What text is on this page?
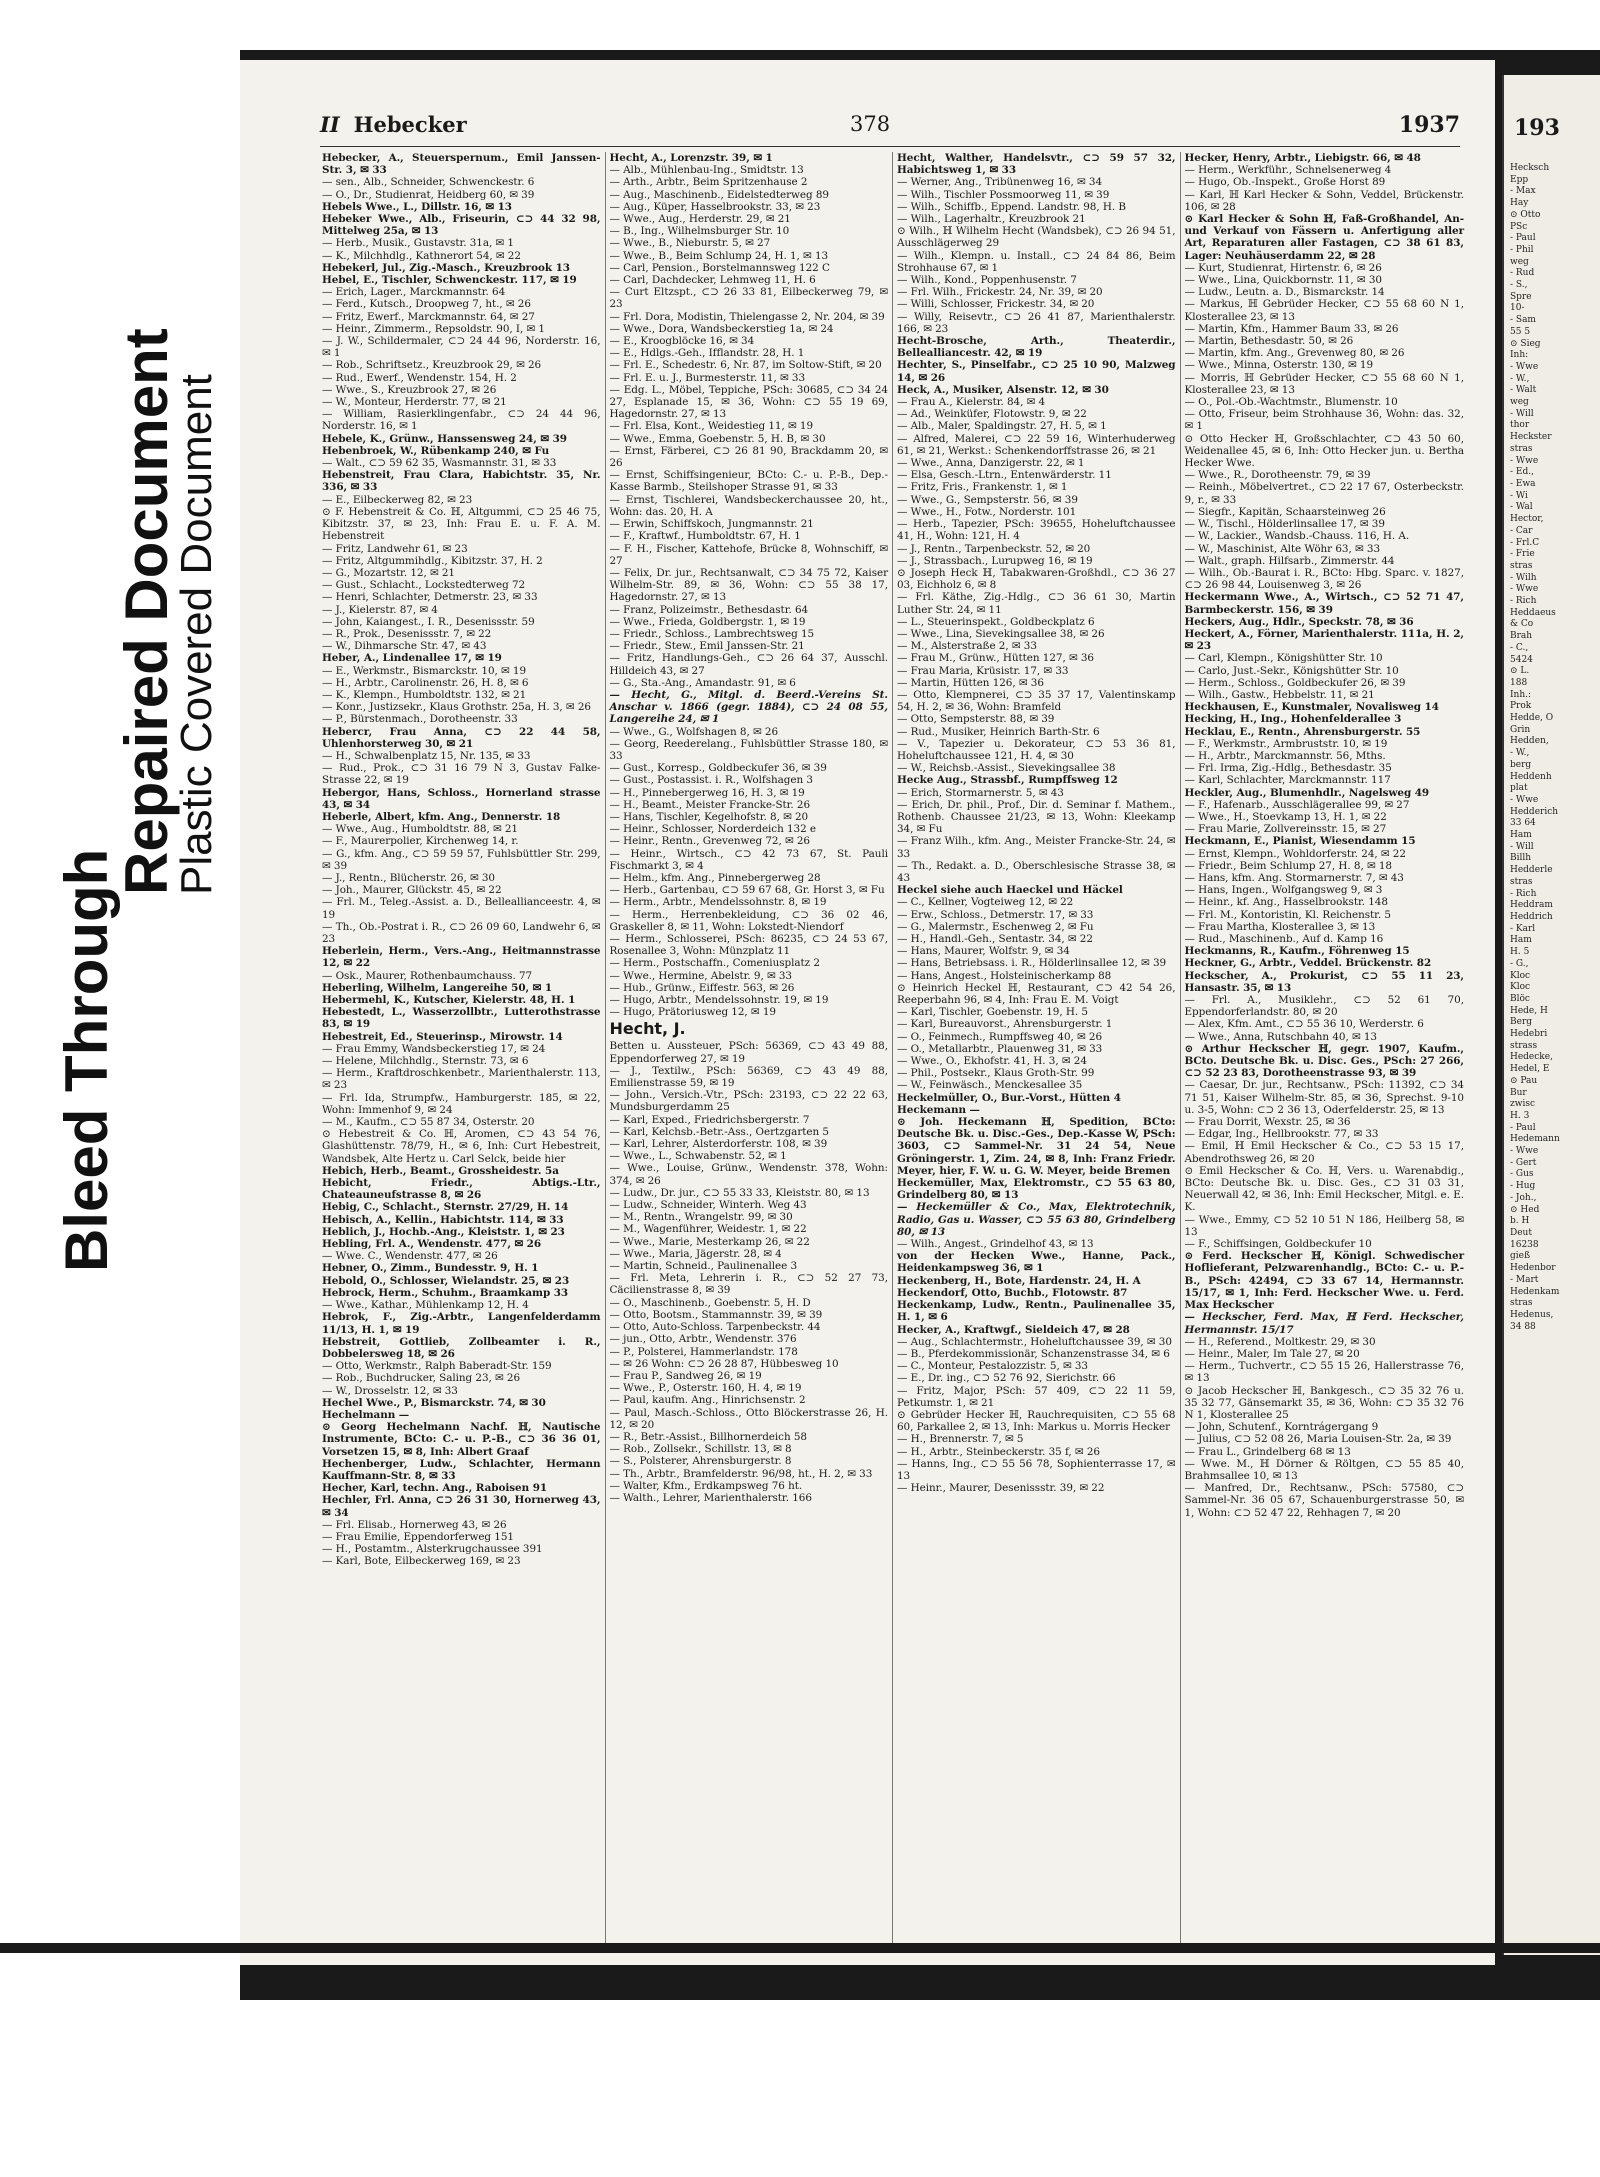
Bleed Through
Repaired Document
Plastic Covered Document
II Hebecker	378	1937
Hebecker, A., Steuerspernum., Emil Janssen-Str. 3, ✉ 33
— sen., Alb., Schneider, Schwenckestr. 6
— O., Dr., Studienrat, Heidberg 60, ✉ 39
Hebels Wwe., L., Dillstr. 16, ✉ 13
Hebeker Wwe., Alb., Friseurin, ⊂⊃ 44 32 98, Mittelweg 25a, ✉ 13
— Herb., Musik., Gustavstr. 31a, ✉ 1
— K., Milchhdlg., Kathnerort 54, ✉ 22
Hebekerl, Jul., Zig.-Masch., Kreuzbrook 13
Hebel, E., Tischler, Schwenckestr. 117, ✉ 19
— Erich, Lager., Marckmannstr. 64
— Ferd., Kutsch., Droopweg 7, ht., ✉ 26
— Fritz, Ewerf., Marckmannstr. 64, ✉ 27
— Heinr., Zimmerm., Repsoldstr. 90, I, ✉ 1
— J. W., Schildermaler, ⊂⊃ 24 44 96, Norderstr. 16, ✉ 1
— Rob., Schriftsetz., Kreuzbrook 29, ✉ 26
— Rud., Ewerf., Wendenstr. 154, H. 2
— Wwe., S., Kreuzbrook 27, ✉ 26
— W., Monteur, Herderstr. 77, ✉ 21
— William, Rasierklingenfabr., ⊂⊃ 24 44 96, Norderstr. 16, ✉ 1
Hebele, K., Grünw., Hanssensweg 24, ✉ 39
Hebenbroek, W., Rübenkamp 240, ✉ Fu
— Walt., ⊂⊃ 59 62 35, Wasmannstr. 31, ✉ 33
Hebenstreit, Frau Clara, Habichtstr. 35, Nr. 336, ✉ 33
— E., Eilbeckerweg 82, ✉ 23
⊙ F. Hebenstreit & Co. ℍ, Altgummi, ⊂⊃ 25 46 75, Kibitzstr. 37, ✉ 23, Inh: Frau E. u. F. A. M. Hebenstreit
— Fritz, Landwehr 61, ✉ 23
— Fritz, Altgummihdlg., Kibitzstr. 37, H. 2
— G., Mozartstr. 12, ✉ 21
— Gust., Schlacht., Lockstedterweg 72
— Henri, Schlachter, Detmerstr. 23, ✉ 33
— J., Kielerstr. 87, ✉ 4
— John, Kaiangest., I. R., Desenissstr. 59
— R., Prok., Desenissstr. 7, ✉ 22
— W., Dihmarsche Str. 47, ✉ 43
Heber, A., Lindenallee 17, ✉ 19
— E., Werkmstr., Bismarckstr. 10, ✉ 19
— H., Arbtr., Carolinenstr. 26, H. 8, ✉ 6
— K., Klempn., Humboldtstr. 132, ✉ 21
— Konr., Justizsekr., Klaus Grothstr. 25a, H. 3, ✉ 26
— P., Bürstenmach., Dorotheenstr. 33
Hebercr, Frau Anna, ⊂⊃ 22 44 58, Uhlenhorsterweg 30, ✉ 21
— H., Schwalbenplatz 15, Nr. 135, ✉ 33
— Rud., Prok., ⊂⊃ 31 16 79 N 3, Gustav Falke-Strasse 22, ✉ 19
Hebergor, Hans, Schloss., Hornerland strasse 43, ✉ 34
Heberle, Albert, kfm. Ang., Dennerstr. 18
— Wwe., Aug., Humboldtstr. 88, ✉ 21
— F., Maurerpolier, Kirchenweg 14, r.
— G., kfm. Ang., ⊂⊃ 59 59 57, Fuhlsbüttler Str. 299, ✉ 39
— J., Rentn., Blücherstr. 26, ✉ 30
— Joh., Maurer, Glückstr. 45, ✉ 22
— Frl. M., Teleg.-Assist. a. D., Belleallianceestr. 4, ✉ 19
— Th., Ob.-Postrat i. R., ⊂⊃ 26 09 60, Landwehr 6, ✉ 23
Heberlein, Herm., Vers.-Ang., Heitmannstrasse 12, ✉ 22
— Osk., Maurer, Rothenbaumchauss. 77
Heberling, Wilhelm, Langereihe 50, ✉ 1
Hebermehl, K., Kutscher, Kielerstr. 48, H. 1
Hebestedt, L., Wasserzollbtr., Lutterothstrasse 83, ✉ 19
Hebestreit, Ed., Steuerinsp., Mirowstr. 14
— Frau Emmy, Wandsbeckerstieg 17, ✉ 24
— Helene, Milchhdlg., Sternstr. 73, ✉ 6
— Herm., Kraftdroschkenbetr., Marienthalerstr. 113, ✉ 23
— Frl. Ida, Strumpfw., Hamburgerstr. 185, ✉ 22, Wohn: Immenhof 9, ✉ 24
— M., Kaufm., ⊂⊃ 55 87 34, Osterstr. 20
⊙ Hebestreit & Co. ℍ, Aromen, ⊂⊃ 43 54 76, Glashüttenstr. 78/79, H., ✉ 6, Inh: Curt Hebestreit, Wandsbek, Alte Hertz u. Carl Selck, beide hier
Hebich, Herb., Beamt., Grossheidestr. 5a
Hebicht, Friedr., Abtigs.-Ltr., Chateauneufstrasse 8, ✉ 26
Hebig, C., Schlacht., Sternstr. 27/29, H. 14
Hebisch, A., Kellin., Habichtstr. 114, ✉ 33
Heblich, J., Hochb.-Ang., Kleiststr. 1, ✉ 23
Hebling, Frl. A., Wendenstr. 477, ✉ 26
— Wwe. C., Wendenstr. 477, ✉ 26
Hebner, O., Zimm., Bundesstr. 9, H. 1
Hebold, O., Schlosser, Wielandstr. 25, ✉ 23
Hebrock, Herm., Schuhm., Braamkamp 33
— Wwe., Kathar., Mühlenkamp 12, H. 4
Hebrok, F., Zig.-Arbtr., Langenfelderdamm 11/13, H. 1, ✉ 19
Hebstreit, Gottlieb, Zollbeamter i. R., Dobbelersweg 18, ✉ 26
— Otto, Werkmstr., Ralph Baberadt-Str. 159
— Rob., Buchdrucker, Saling 23, ✉ 26
— W., Drosselstr. 12, ✉ 33
Hechel Wwe., P., Bismarckstr. 74, ✉ 30
Hechelmann —
⊙ Georg Hechelmann Nachf. ℍ, Nautische Instrumente, BCto: C.- u. P.-B., ⊂⊃ 36 36 01, Vorsetzen 15, ✉ 8, Inh: Albert Graaf
Hechenberger, Ludw., Schlachter, Hermann Kauffmann-Str. 8, ✉ 33
Hecher, Karl, techn. Ang., Raboisen 91
Hechler, Frl. Anna, ⊂⊃ 26 31 30, Hornerweg 43, ✉ 34
— Frl. Elisab., Hornerweg 43, ✉ 26
— Frau Emilie, Eppendorferweg 151
— H., Postamtm., Alsterkrugchaussee 391
— Karl, Bote, Eilbeckerweg 169, ✉ 23
Hecht, A., Lorenzstr. 39, ✉ 1
— Alb., Mühlenbau-Ing., Smidtstr. 13
— Arth., Arbtr., Beim Spritzenhause 2
— Aug., Maschinenb., Eidelstedterweg 89
— Aug., Küper, Hasselbrookstr. 33, ✉ 23
— Wwe., Aug., Herderstr. 29, ✉ 21
— B., Ing., Wilhelmsburger Str. 10
— Wwe., B., Nieburstr. 5, ✉ 27
— Wwe., B., Beim Schlump 24, H. 1, ✉ 13
— Carl, Pension., Borstelmannsweg 122 C
— Carl, Dachdecker, Lehmweg 11, H. 6
— Curt Eltzspt., ⊂⊃ 26 33 81, Eilbeckerweg 79, ✉ 23
— Frl. Dora, Modistin, Thielengasse 2, Nr. 204, ✉ 39
— Wwe., Dora, Wandsbeckerstieg 1a, ✉ 24
— E., Kroogblöcke 16, ✉ 34
— E., Hdlgs.-Geh., Ifflandstr. 28, H. 1
— Frl. E., Schedestr. 6, Nr. 87, im Soltow-Stift, ✉ 20
— Frl. E. u. J., Burmesterstr. 11, ✉ 33
— Edg. L., Möbel, Teppiche, PSch: 30685, ⊂⊃ 34 24 27, Esplanade 15, ✉ 36, Wohn: ⊂⊃ 55 19 69, Hagedornstr. 27, ✉ 13
— Frl. Elsa, Kont., Weidestieg 11, ✉ 19
— Wwe., Emma, Goebenstr. 5, H. B, ✉ 30
— Ernst, Färberei, ⊂⊃ 26 81 90, Brackdamm 20, ✉ 26
— Ernst, Schiffsingenieur, BCto: C.- u. P.-B., Dep.-Kasse Barmb., Steilshoper Strasse 91, ✉ 33
— Ernst, Tischlerei, Wandsbeckerchaussee 20, ht., Wohn: das. 20, H. A
— Erwin, Schiffskoch, Jungmannstr. 21
— F., Kraftwf., Humboldtstr. 67, H. 1
— F. H., Fischer, Kattehofe, Brücke 8, Wohnschiff, ✉ 27
— Felix, Dr. jur., Rechtsanwalt, ⊂⊃ 34 75 72, Kaiser Wilhelm-Str. 89, ✉ 36, Wohn: ⊂⊃ 55 38 17, Hagedornstr. 27, ✉ 13
— Franz, Polizeimstr., Bethesdastr. 64
— Wwe., Frieda, Goldbergstr. 1, ✉ 19
— Friedr., Schloss., Lambrechtsweg 15
— Friedr., Stew., Emil Janssen-Str. 21
— Fritz, Handlungs-Geh., ⊂⊃ 26 64 37, Ausschl. Hilldeich 43, ✉ 27
— G., Sta.-Ang., Amandastr. 91, ✉ 6
— Hecht, G., Mitgl. d. Beerd.-Vereins St. Anschar v. 1866 (gegr. 1884), ⊂⊃ 24 08 55, Langereihe 24, ✉ 1
— Wwe., G., Wolfshagen 8, ✉ 26
— Georg, Reederelang., Fuhlsbüttler Strasse 180, ✉ 33
— Gust., Korresp., Goldbeckufer 36, ✉ 39
— Gust., Postassist. i. R., Wolfshagen 3
— H., Pinnebergerweg 16, H. 3, ✉ 19
— H., Beamt., Meister Francke-Str. 26
— Hans, Tischler, Kegelhofstr. 8, ✉ 20
— Heinr., Schlosser, Norderdeich 132 e
— Heinr., Rentn., Grevenweg 72, ✉ 26
— Heinr., Wirtsch., ⊂⊃ 42 73 67, St. Pauli Fischmarkt 3, ✉ 4
— Helm., kfm. Ang., Pinnebergerweg 28
— Herb., Gartenbau, ⊂⊃ 59 67 68, Gr. Horst 3, ✉ Fu
— Herm., Arbtr., Mendelssohnstr. 8, ✉ 19
— Herm., Herrenbekleidung, ⊂⊃ 36 02 46, Graskeller 8, ✉ 11, Wohn: Lokstedt-Niendorf
— Herm., Schlosserei, PSch: 86235, ⊂⊃ 24 53 67, Rosenallee 3, Wohn: Münzplatz 11
— Herm., Postschaffn., Comeniusplatz 2
— Wwe., Hermine, Abelstr. 9, ✉ 33
— Hub., Grünw., Eiffestr. 563, ✉ 26
— Hugo, Arbtr., Mendelssohnstr. 19, ✉ 19
— Hugo, Prätoriusweg 12, ✉ 19
Hecht, J.
Betten u. Aussteuer, PSch: 56369, ⊂⊃ 43 49 88, Eppendorferweg 27, ✉ 19
— J., Textilw., PSch: 56369, ⊂⊃ 43 49 88, Emilienstrasse 59, ✉ 19
— John., Versich.-Vtr., PSch: 23193, ⊂⊃ 22 22 63, Mundsburgerdamm 25
— Karl, Exped., Friedrichsbergerstr. 7
— Karl, Kelchsb.-Betr.-Ass., Oertzgarten 5
— Karl, Lehrer, Alsterdorferstr. 108, ✉ 39
— Wwe., L., Schwabenstr. 52, ✉ 1
— Wwe., Louise, Grünw., Wendenstr. 378, Wohn: 374, ✉ 26
— Ludw., Dr. jur., ⊂⊃ 55 33 33, Kleiststr. 80, ✉ 13
— Ludw., Schneider, Winterh. Weg 43
— M., Rentn., Wrangelstr. 99, ✉ 30
— M., Wagenführer, Weidestr. 1, ✉ 22
— Wwe., Marie, Mesterkamp 26, ✉ 22
— Wwe., Maria, Jägerstr. 28, ✉ 4
— Martin, Schneid., Paulinenallee 3
— Frl. Meta, Lehrerin i. R., ⊂⊃ 52 27 73, Cäcilienstrasse 8, ✉ 39
— O., Maschinenb., Goebenstr. 5, H. D
— Otto, Bootsm., Stammannstr. 39, ✉ 39
— Otto, Auto-Schloss. Tarpenbeckstr. 44
— jun., Otto, Arbtr., Wendenstr. 376
— P., Polsterei, Hammerlandstr. 178
— ✉ 26 Wohn: ⊂⊃ 26 28 87, Hübbesweg 10
— Frau P., Sandweg 26, ✉ 19
— Wwe., P., Osterstr. 160, H. 4, ✉ 19
— Paul, kaufm. Ang., Hinrichsenstr. 2
— Paul, Masch.-Schloss., Otto Blöckerstrasse 26, H. 12, ✉ 20
— R., Betr.-Assist., Billhornerdeich 58
— Rob., Zollsekr., Schillstr. 13, ✉ 8
— S., Polsterer, Ahrensburgerstr. 8
— Th., Arbtr., Bramfelderstr. 96/98, ht., H. 2, ✉ 33
— Walter, Kfm., Erdkampsweg 76 ht.
— Walth., Lehrer, Marienthalerstr. 166
Hecht, Walther, Handelsvtr., ⊂⊃ 59 57 32, Habichtsweg 1, ✉ 33
— Werner, Ang., Tribünenweg 16, ✉ 34
— Wilh., Tischler Possmoorweg 11, ✉ 39
— Wilh., Schiffb., Eppend. Landstr. 98, H. B
— Wilh., Lagerhaltr., Kreuzbrook 21
⊙ Wilh., ℍ Wilhelm Hecht (Wandsbek), ⊂⊃ 26 94 51, Ausschlägerweg 29
— Wilh., Klempn. u. Install., ⊂⊃ 24 84 86, Beim Strohhause 67, ✉ 1
— Wilh., Kond., Poppenhusenstr. 7
— Frl. Wilh., Frickestr. 24, Nr. 39, ✉ 20
— Willi, Schlosser, Frickestr. 34, ✉ 20
— Willy, Reisevtr., ⊂⊃ 26 41 87, Marienthalerstr. 166, ✉ 23
Hecht-Brosche, Arth., Theaterdir., Bellealliancestr. 42, ✉ 19
Hechter, S., Pinselfabr., ⊂⊃ 25 10 90, Malzweg 14, ✉ 26
Heck, A., Musiker, Alsenstr. 12, ✉ 30
— Frau A., Kielerstr. 84, ✉ 4
— Ad., Weinküfer, Flotowstr. 9, ✉ 22
— Alb., Maler, Spaldingstr. 27, H. 5, ✉ 1
— Alfred, Malerei, ⊂⊃ 22 59 16, Winterhuderweg 61, ✉ 21, Werkst.: Schenkendorffstrasse 26, ✉ 21
— Wwe., Anna, Danzigerstr. 22, ✉ 1
— Elsa, Gesch.-Ltrn., Entenwärderstr. 11
— Fritz, Fris., Frankenstr. 1, ✉ 1
— Wwe., G., Sempsterstr. 56, ✉ 39
— Wwe., H., Fotw., Norderstr. 101
— Herb., Tapezier, PSch: 39655, Hoheluftchaussee 41, H., Wohn: 121, H. 4
— J., Rentn., Tarpenbeckstr. 52, ✉ 20
— J., Strassbach., Lurupweg 16, ✉ 19
⊙ Joseph Heck ℍ, Tabakwaren-Großhdl., ⊂⊃ 36 27 03, Eichholz 6, ✉ 8
— Frl. Käthe, Zig.-Hdlg., ⊂⊃ 36 61 30, Martin Luther Str. 24, ✉ 11
— L., Steuerinspekt., Goldbeckplatz 6
— Wwe., Lina, Sievekingsallee 38, ✉ 26
— M., Alsterstraße 2, ✉ 33
— Frau M., Grünw., Hütten 127, ✉ 36
— Frau Maria, Krüsistr. 17, ✉ 33
— Martin, Hütten 126, ✉ 36
— Otto, Klempnerei, ⊂⊃ 35 37 17, Valentinskamp 54, H. 2, ✉ 36, Wohn: Bramfeld
— Otto, Sempsterstr. 88, ✉ 39
— Rud., Musiker, Heinrich Barth-Str. 6
— V., Tapezier u. Dekorateur, ⊂⊃ 53 36 81, Hoheluftchaussee 121, H. 4, ✉ 30
— W., Reichsb.-Assist., Sievekingsallee 38
Hecke Aug., Strassbf., Rumpffsweg 12
— Erich, Stormarnerstr. 5, ✉ 43
— Erich, Dr. phil., Prof., Dir. d. Seminar f. Mathem., Rothenb. Chaussee 21/23, ✉ 13, Wohn: Kleekamp 34, ✉ Fu
— Franz Wilh., kfm. Ang., Meister Francke-Str. 24, ✉ 33
— Th., Redakt. a. D., Oberschlesische Strasse 38, ✉ 43
Heckel siehe auch Haeckel und Häckel
— C., Kellner, Vogteiweg 12, ✉ 22
— Erw., Schloss., Detmerstr. 17, ✉ 33
— G., Malermstr., Eschenweg 2, ✉ Fu
— H., Handl.-Geh., Sentastr. 34, ✉ 22
— Hans, Maurer, Wolfstr. 9, ✉ 34
— Hans, Betriebsass. i. R., Hölderlinsallee 12, ✉ 39
— Hans, Angest., Holsteinischerkamp 88
⊙ Heinrich Heckel ℍ, Restaurant, ⊂⊃ 42 54 26, Reeperbahn 96, ✉ 4, Inh: Frau E. M. Voigt
— Karl, Tischler, Goebenstr. 19, H. 5
— Karl, Bureauvorst., Ahrensburgerstr. 1
— O., Feinmech., Rumpffsweg 40, ✉ 26
— O., Metallarbtr., Plauenweg 31, ✉ 33
— Wwe., O., Ekhofstr. 41, H. 3, ✉ 24
— Phil., Postsekr., Klaus Groth-Str. 99
— W., Feinwäsch., Menckesallee 35
Heckelmüller, O., Bur.-Vorst., Hütten 4
Heckemann —
⊙ Joh. Heckemann ℍ, Spedition, BCto: Deutsche Bk. u. Disc.-Ges., Dep.-Kasse W, PSch: 3603, ⊂⊃ Sammel-Nr. 31 24 54, Neue Gröningerstr. 1, Zim. 24, ✉ 8, Inh: Franz Friedr. Meyer, hier, F. W. u. G. W. Meyer, beide Bremen
Heckemüller, Max, Elektromstr., ⊂⊃ 55 63 80, Grindelberg 80, ✉ 13
— Heckemüller & Co., Max, Elektrotechnik, Radio, Gas u. Wasser, ⊂⊃ 55 63 80, Grindelberg 80, ✉ 13
— Wilh., Angest., Grindelhof 43, ✉ 13
von der Hecken Wwe., Hanne, Pack., Heidenkampsweg 36, ✉ 1
Heckenberg, H., Bote, Hardenstr. 24, H. A
Heckendorf, Otto, Buchb., Flotowstr. 87
Heckenkamp, Ludw., Rentn., Paulinenallee 35, H. 1, ✉ 6
Hecker, A., Kraftwgf., Sieldeich 47, ✉ 28
— Aug., Schlachtermstr., Hoheluftchaussee 39, ✉ 30
— B., Pferdekommissionär, Schanzenstrasse 34, ✉ 6
— C., Monteur, Pestalozzistr. 5, ✉ 33
— E., Dr. ing., ⊂⊃ 52 76 92, Sierichstr. 66
— Fritz, Major, PSch: 57 409, ⊂⊃ 22 11 59, Petkumstr. 1, ✉ 21
⊙ Gebrüder Hecker ℍ, Rauchrequisiten, ⊂⊃ 55 68 60, Parkallee 2, ✉ 13, Inh: Markus u. Morris Hecker
— H., Brennerstr. 7, ✉ 5
— H., Arbtr., Steinbeckerstr. 35 f, ✉ 26
— Hanns, Ing., ⊂⊃ 55 56 78, Sophienterrasse 17, ✉ 13
— Heinr., Maurer, Desenissstr. 39, ✉ 22
Hecker, Henry, Arbtr., Liebigstr. 66, ✉ 48
— Herm., Werkführ., Schnelsenerweg 4
— Hugo, Ob.-Inspekt., Große Horst 89
— Karl, ℍ Karl Hecker & Sohn, Veddel, Brückenstr. 106, ✉ 28
⊙ Karl Hecker & Sohn ℍ, Faß-Großhandel, An- und Verkauf von Fässern u. Anfertigung aller Art, Reparaturen aller Fastagen, ⊂⊃ 38 61 83, Lager: Neuhäuserdamm 22, ✉ 28
— Kurt, Studienrat, Hirtenstr. 6, ✉ 26
— Wwe., Lina, Quickbornstr. 11, ✉ 30
— Ludw., Leutn. a. D., Bismarckstr. 14
— Markus, ℍ Gebrüder Hecker, ⊂⊃ 55 68 60 N 1, Klosterallee 23, ✉ 13
— Martin, Kfm., Hammer Baum 33, ✉ 26
— Martin, Bethesdastr. 50, ✉ 26
— Martin, kfm. Ang., Grevenweg 80, ✉ 26
— Wwe., Minna, Osterstr. 130, ✉ 19
— Morris, ℍ Gebrüder Hecker, ⊂⊃ 55 68 60 N 1, Klosterallee 23, ✉ 13
— O., Pol.-Ob.-Wachtmstr., Blumenstr. 10
— Otto, Friseur, beim Strohhause 36, Wohn: das. 32, ✉ 1
⊙ Otto Hecker ℍ, Großschlachter, ⊂⊃ 43 50 60, Weidenallee 45, ✉ 6, Inh: Otto Hecker jun. u. Bertha Hecker Wwe.
— Wwe., R., Dorotheenstr. 79, ✉ 39
— Reinh., Möbelvertret., ⊂⊃ 22 17 67, Osterbeckstr. 9, r., ✉ 33
— Siegfr., Kapitän, Schaarsteinweg 26
— W., Tischl., Hölderlinsallee 17, ✉ 39
— W., Lackier., Wandsb.-Chauss. 116, H. A.
— W., Maschinist, Alte Wöhr 63, ✉ 33
— Walt., graph. Hilfsarb., Zimmerstr. 44
— Wilh., Ob.-Baurat i. R., BCto: Hbg. Sparc. v. 1827, ⊂⊃ 26 98 44, Louisenweg 3, ✉ 26
Heckermann Wwe., A., Wirtsch., ⊂⊃ 52 71 47, Barmbeckerstr. 156, ✉ 39
Heckers, Aug., Hdlr., Speckstr. 78, ✉ 36
Heckert, A., Förner, Marienthalerstr. 111a, H. 2, ✉ 23
— Carl, Klempn., Königshütter Str. 10
— Carlo, Just.-Sekr., Königshütter Str. 10
— Herm., Schloss., Goldbeckufer 26, ✉ 39
— Wilh., Gastw., Hebbelstr. 11, ✉ 21
Heckhausen, E., Kunstmaler, Novalisweg 14
Hecking, H., Ing., Hohenfelderallee 3
Hecklau, E., Rentn., Ahrensburgerstr. 55
— F., Werkmstr., Armbruststr. 10, ✉ 19
— H., Arbtr., Marckmannstr. 56, Mths.
— Frl. Irma, Zig.-Hdlg., Bethesdastr. 35
— Karl, Schlachter, Marckmannstr. 117
Heckler, Aug., Blumenhdlr., Nagelsweg 49
— F., Hafenarb., Ausschlägerallee 99, ✉ 27
— Wwe., H., Stoevkamp 13, H. 1, ✉ 22
— Frau Marie, Zollvereinsstr. 15, ✉ 27
Heckmann, E., Pianist, Wiesendamm 15
— Ernst, Klempn., Wohldorferstr. 24, ✉ 22
— Friedr., Beim Schlump 27, H. 8, ✉ 18
— Hans, kfm. Ang. Stormarnerstr. 7, ✉ 43
— Hans, Ingen., Wolfgangsweg 9, ✉ 3
— Heinr., kf. Ang., Hasselbrookstr. 148
— Frl. M., Kontoristin, Kl. Reichenstr. 5
— Frau Martha, Klosterallee 3, ✉ 13
— Rud., Maschinenb., Auf d. Kamp 16
Heckmanns, R., Kaufm., Föhrenweg 15
Heckner, G., Arbtr., Veddel. Brückenstr. 82
Heckscher, A., Prokurist, ⊂⊃ 55 11 23, Hansastr. 35, ✉ 13
— Frl. A., Musiklehr., ⊂⊃ 52 61 70, Eppendorferlandstr. 80, ✉ 20
— Alex, Kfm. Amt., ⊂⊃ 55 36 10, Werderstr. 6
— Wwe., Anna, Rutschbahn 40, ✉ 13
⊙ Arthur Heckscher ℍ, gegr. 1907, Kaufm., BCto. Deutsche Bk. u. Disc. Ges., PSch: 27 266, ⊂⊃ 52 23 83, Dorotheenstrasse 93, ✉ 39
— Caesar, Dr. jur., Rechtsanw., PSch: 11392, ⊂⊃ 34 71 51, Kaiser Wilhelm-Str. 85, ✉ 36, Sprechst. 9-10 u. 3-5, Wohn: ⊂⊃ 2 36 13, Oderfelderstr. 25, ✉ 13
— Frau Dorrit, Wexstr. 25, ✉ 36
— Edgar, Ing., Hellbrookstr. 77, ✉ 33
— Emil, ℍ Emil Heckscher & Co., ⊂⊃ 53 15 17, Abendrothsweg 26, ✉ 20
⊙ Emil Heckscher & Co. ℍ, Vers. u. Warenabdig., BCto: Deutsche Bk. u. Disc. Ges., ⊂⊃ 31 03 31, Neuerwall 42, ✉ 36, Inh: Emil Heckscher, Mitgl. e. E. K.
— Wwe., Emmy, ⊂⊃ 52 10 51 N 186, Heilberg 58, ✉ 13
— F., Schiffsingen, Goldbeckufer 10
⊙ Ferd. Heckscher ℍ, Königl. Schwedischer Hoflieferant, Pelzwarenhandlg., BCto: C.- u. P.-B., PSch: 42494, ⊂⊃ 33 67 14, Hermannstr. 15/17, ✉ 1, Inh: Ferd. Heckscher Wwe. u. Ferd. Max Heckscher
— Heckscher, Ferd. Max, ℍ Ferd. Heckscher, Hermannstr. 15/17
— H., Referend., Moltkestr. 29, ✉ 30
— Heinr., Maler, Im Tale 27, ✉ 20
— Herm., Tuchvertr., ⊂⊃ 55 15 26, Hallerstrasse 76, ✉ 13
⊙ Jacob Heckscher ℍ, Bankgesch., ⊂⊃ 35 32 76 u. 35 32 77, Gänsemarkt 35, ✉ 36, Wohn: ⊂⊃ 35 32 76 N 1, Klosterallee 25
— John, Schutenf., Korntrágergang 9
— Julius, ⊂⊃ 52 08 26, Maria Louisen-Str. 2a, ✉ 39
— Frau L., Grindelberg 68 ✉ 13
— Wwe. M., ℍ Dörner & Röltgen, ⊂⊃ 55 85 40, Brahmsallee 10, ✉ 13
— Manfred, Dr., Rechtsanw., PSch: 57580, ⊂⊃ Sammel-Nr. 36 05 67, Schauenburgerstrasse 50, ✉ 1, Wohn: ⊂⊃ 52 47 22, Rehhagen 7, ✉ 20
193
Hecksch
Epp
- Max
Hay
⊙ Otto
PSc
- Paul
- Phil
weg
- Rud
- S.,
Spre
10-
- Sam
55 5
⊙ Sieg
Inh:
- Wwe
- W.,
- Walt
weg
- Will
thor
Heckster
stras
- Wwe
- Ed.,
- Ewa
- Wi
- Wal
Hector,
- Car
- Frl.C
- Frie
stras
- Wilh
- Wwe
- Rich
Heddaeus
& Co
Brah
- C.,
5424
⊙ L.
188
Inh.:
Prok
Hedde, O
Grin
Hedden,
- W.,
berg
Heddenh
plat
- Wwe
Hedderich
33 64
Ham
- Will
Billh
Hedderle
stras
- Rich
Heddram
Heddrich
- Karl
Ham
H. 5
- G.,
Kloc
Kloc
Blöc
Hede, H
Berg
Hedebri
strass
Hedecke,
Hedel, E
⊙ Pau
Bur
zwisc
H. 3
- Paul
Hedemann
- Wwe
- Gert
- Gus
- Hug
- Joh.,
⊙ Hed
b. H
Deut
16238
gieß
Hedenbor
- Mart
Hedenkam
stras
Hedenus,
34 88
